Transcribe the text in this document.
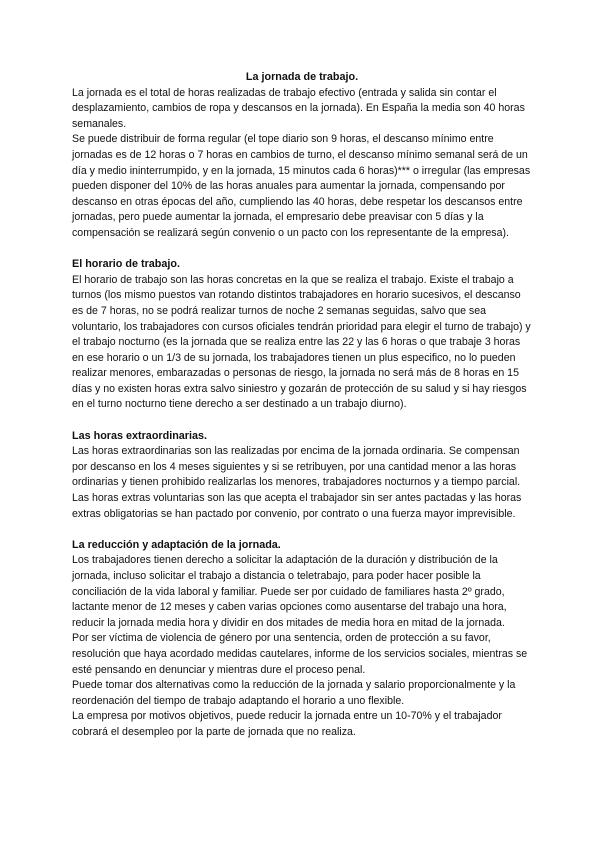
La jornada de trabajo.

La jornada es el total de horas realizadas de trabajo efectivo (entrada y salida sin contar el desplazamiento, cambios de ropa y descansos en la jornada). En España la media son 40 horas semanales.

Se puede distribuir de forma regular (el tope diario son 9 horas, el descanso mínimo entre jornadas es de 12 horas o 7 horas en cambios de turno, el descanso mínimo semanal será de un día y medio ininterrumpido, y en la jornada, 15 minutos cada 6 horas)*** o irregular (las empresas pueden disponer del 10% de las horas anuales para aumentar la jornada, compensando por descanso en otras épocas del año, cumpliendo las 40 horas, debe respetar los descansos entre jornadas, pero puede aumentar la jornada, el empresario debe preavisar con 5 días y la compensación se realizará según convenio o un pacto con los representante de la empresa).

El horario de trabajo.

El horario de trabajo son las horas concretas en la que se realiza el trabajo. Existe el trabajo a turnos (los mismo puestos van rotando distintos trabajadores en horario sucesivos, el descanso es de 7 horas, no se podrá realizar turnos de noche 2 semanas seguidas, salvo que sea voluntario, los trabajadores con cursos oficiales tendrán prioridad para elegir el turno de trabajo) y el trabajo nocturno (es la jornada que se realiza entre las 22 y las 6 horas o que trabaje 3 horas en ese horario o un 1/3 de su jornada, los trabajadores tienen un plus especifico, no lo pueden realizar menores, embarazadas o personas de riesgo, la jornada no será más de 8 horas en 15 días y no existen horas extra salvo siniestro y gozarán de protección de su salud y si hay riesgos en el turno nocturno tiene derecho a ser destinado a un trabajo diurno).

Las horas extraordinarias.

Las horas extraordinarias son las realizadas por encima de la jornada ordinaria. Se compensan por descanso en los 4 meses siguientes y si se retribuyen, por una cantidad menor a las horas ordinarias y tienen prohibido realizarlas los menores, trabajadores nocturnos y a tiempo parcial.

Las horas extras voluntarias son las que acepta el trabajador sin ser antes pactadas y las horas extras obligatorias se han pactado por convenio, por contrato o una fuerza mayor imprevisible.

La reducción y adaptación de la jornada.

Los trabajadores tienen derecho a solicitar la adaptación de la duración y distribución de la jornada, incluso solicitar el trabajo a distancia o teletrabajo, para poder hacer posible la conciliación de la vida laboral y familiar. Puede ser por cuidado de familiares hasta 2º grado, lactante menor de 12 meses y caben varias opciones como ausentarse del trabajo una hora, reducir la jornada media hora y dividir en dos mitades de media hora en mitad de la jornada.

Por ser víctima de violencia de género por una sentencia, orden de protección a su favor, resolución que haya acordado medidas cautelares, informe de los servicios sociales, mientras se esté pensando en denunciar y mientras dure el proceso penal.

Puede tomar dos alternativas como la reducción de la jornada y salario proporcionalmente y la reordenación del tiempo de trabajo adaptando el horario a uno flexible.

La empresa por motivos objetivos, puede reducir la jornada entre un 10-70% y el trabajador cobrará el desempleo por la parte de jornada que no realiza.
